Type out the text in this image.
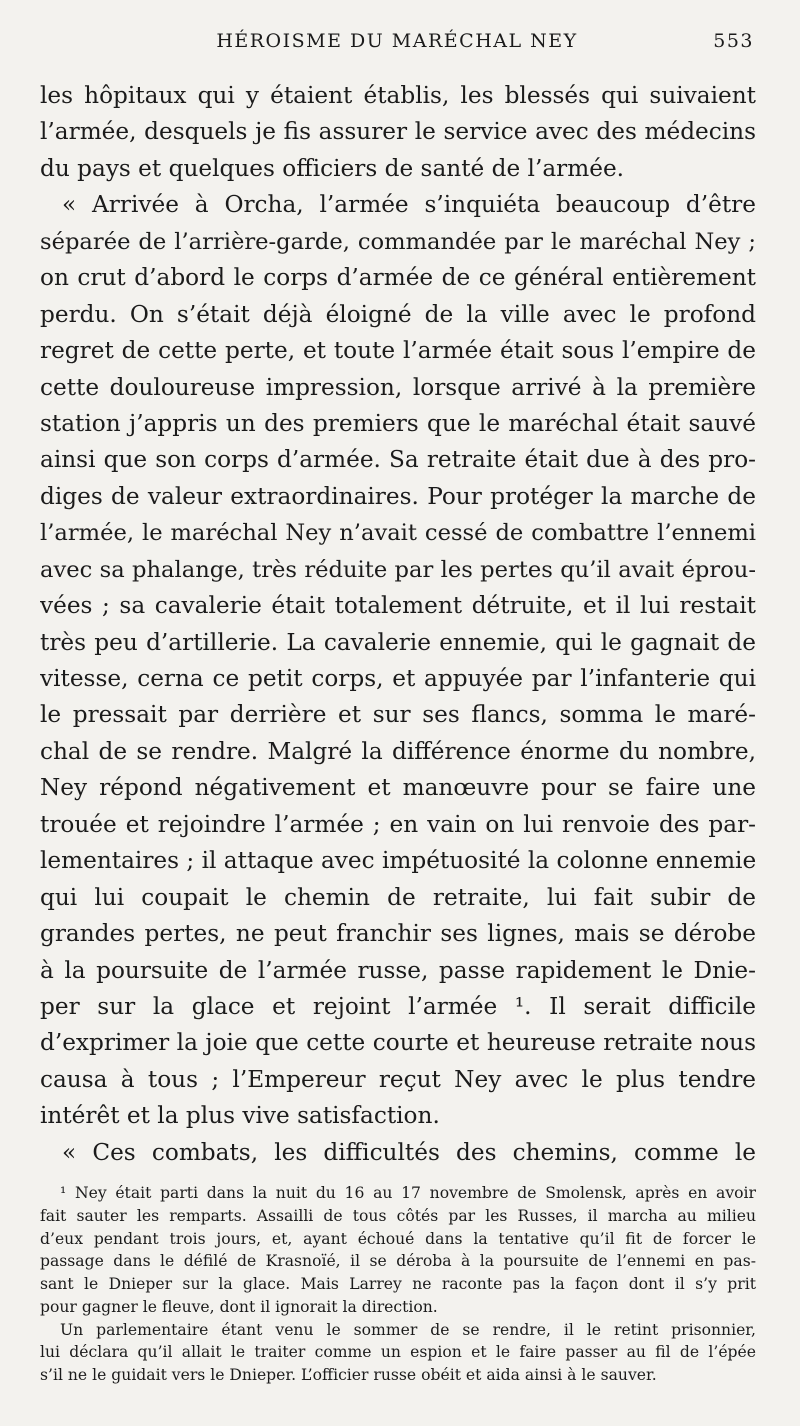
HÉROISME DU MARÉCHAL NEY	553
les hôpitaux qui y étaient établis, les blessés qui suivaient
l’armée, desquels je fis assurer le service avec des médecins
du pays et quelques officiers de santé de l’armée.
« Arrivée à Orcha, l’armée s’inquiéta beaucoup d’être
séparée de l’arrière-garde, commandée par le maréchal Ney ;
on crut d’abord le corps d’armée de ce général entièrement
perdu. On s’était déjà éloigné de la ville avec le profond
regret de cette perte, et toute l’armée était sous l’empire de
cette douloureuse impression, lorsque arrivé à la première
station j’appris un des premiers que le maréchal était sauvé
ainsi que son corps d’armée. Sa retraite était due à des pro-
diges de valeur extraordinaires. Pour protéger la marche de
l’armée, le maréchal Ney n’avait cessé de combattre l’ennemi
avec sa phalange, très réduite par les pertes qu’il avait éprou-
vées ; sa cavalerie était totalement détruite, et il lui restait
très peu d’artillerie. La cavalerie ennemie, qui le gagnait de
vitesse, cerna ce petit corps, et appuyée par l’infanterie qui
le pressait par derrière et sur ses flancs, somma le maré-
chal de se rendre. Malgré la différence énorme du nombre,
Ney répond négativement et manœuvre pour se faire une
trouée et rejoindre l’armée ; en vain on lui renvoie des par-
lementaires ; il attaque avec impétuosité la colonne ennemie
qui lui coupait le chemin de retraite, lui fait subir de
grandes pertes, ne peut franchir ses lignes, mais se dérobe
à la poursuite de l’armée russe, passe rapidement le Dnie-
per sur la glace et rejoint l’armée ¹. Il serait difficile
d’exprimer la joie que cette courte et heureuse retraite nous
causa à tous ; l’Empereur reçut Ney avec le plus tendre
intérêt et la plus vive satisfaction.
« Ces combats, les difficultés des chemins, comme le
¹ Ney était parti dans la nuit du 16 au 17 novembre de Smolensk, après en avoir
fait sauter les remparts. Assailli de tous côtés par les Russes, il marcha au milieu
d’eux pendant trois jours, et, ayant échoué dans la tentative qu’il fit de forcer le
passage dans le défilé de Krasnoïé, il se déroba à la poursuite de l’ennemi en pas-
sant le Dnieper sur la glace. Mais Larrey ne raconte pas la façon dont il s’y prit
pour gagner le fleuve, dont il ignorait la direction.
Un parlementaire étant venu le sommer de se rendre, il le retint prisonnier,
lui déclara qu’il allait le traiter comme un espion et le faire passer au fil de l’épée
s’il ne le guidait vers le Dnieper. L’officier russe obéit et aida ainsi à le sauver.
